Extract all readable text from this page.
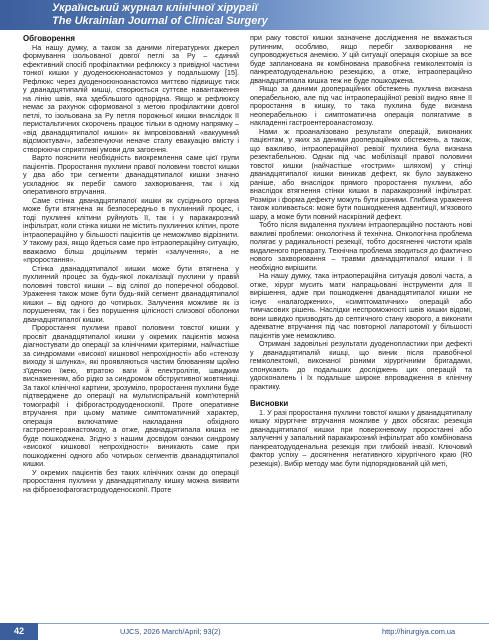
Український журнал клінічної хірургії
The Ukrainian Journal of Clinical Surgery
Обговорення

На нашу думку, а також за даними літературних джерел формування ізольованої довгої петлі за Ру – єдиний ефективний спосіб профілактики рефлюксу з привідної частини тонкої кишки у дуоденоєюноанастомоз у подальшому [15]. Рефлюкс через дуоденоєюноанастомоз миттєво підвищує тиск у дванадцятипалій кишці, створюється суттєве навантаження на лінію швів, яка здебільшого однорідна. Якщо ж рефлюксу немає за рахунок сформованої з метою профілактики довгої петлі, то ізольована за Ру петля порожньої кишки внаслідок її перистальтичних скорочень працює тільки в одному напрямку – «від дванадцятипалої кишки» як імпровізований «вакуумний відсмоктувач», забезпечуючи неначе сталу евакуацію вмісту і створюючи сприятливі умови для загоєння.

Варто пояснити необхідність виокремлення саме цієї групи пацієнтів. Проростання пухлини правої половини товстої кишки у два або три сегменти дванадцятипалої кишки значно ускладнює як перебіг самого захворювання, так і хід оперативного втручання.

Саме стінка дванадцятипалої кишки як сусіднього органа може бути втягнена як безпосередньо в пухлинний процес, і тоді пухлинні клітини руйнують її, так і у паракакрозний інфільтрат, коли стінка кишки не містить пухлинних клітин, проте інтраопераційно у більшості пацієнтів це неможливо відрізнити. У такому разі, якщо йдеться саме про інтраопераційну ситуацію, вважаємо більш доцільним термін «залучення», а не «проростання».

Стінка дванадцятипалої кишки може бути втягнена у пухлинний процес за будь-якої локалізації пухлини у правій половині товстої кишки – від сліпої до поперечної ободової. Ураження також може бути будь-якій сегмент дванадцятипалої кишки – від одного до чотирьох. Залучення можливе як із порушенням, так і без порушення цілісності слизової оболонки дванадцятипалої кишки.

Проростання пухлини правої половини товстої кишки у просвіт дванадцятипалої кишки у окремих пацієнтів можна діагностувати до операції за клінічними критеріями, найчастіше за синдромами «високої кишкової непрохідності» або «стенозу виходу зі шлунка», які проявляються частим блюванням щойно з'їденою їжею, втратою ваги й електролітів, швидким виснаженням, або рідко за синдромом обструктивної жовтяниці. За такої клінічної картини, зрозуміло, проростання пухлини буде підтверджене до операції на мультиспіральній комп'ютерній томографії і фіброгастродуоденоскопії. Проте оперативне втручання при цьому матиме симптоматичний характер, операція включатиме накладання обхідного гастроентероанастомозу, а отже, дванадцятипала кишка не буде пошкоджена. Згідно з нашим досвідом ознаки синдрому «високої кишкової непрохідності» виникають саме при пошкодженні одного або чотирьох сегментів дванадцятипалої кишки.

У окремих пацієнтів без таких клінічних ознак до операції проростання пухлини у дванадцятипалу кишку можна виявити на фіброезофагогастродуоденоскопії. Проте

при раку товстої кишки зазначене дослідження не вважається рутинним, особливо, якщо перебіг захворювання не супроводжується анемією. У цій ситуації операція скоріше за все буде запланована як комбінована правобічна геміколектомія із панкреатодуоденальною резекцією, а отже, інтраопераційно дванадцятипала кишка теж не буде пошкоджена.

Якщо за даними доопераційних обстежень пухлина визнана операбельною, але під час інтраопераційної ревізії видно явне її проростання в кишку, то така пухлина буде визнана неоперабельною і симптоматична операція полягатиме в накладенні гастроентероанастомозу.

Нами ж проаналізовано результати операцій, виконаних пацієнтам, у яких за даними доопераційних обстежень, а також, що важливо, інтраопераційної ревізії пухлина була визнана резектабельною. Однак під час мобілізації правої половини товстої кишки (найчастіше «гострим» шляхом) у стінці дванадцятипалої кишки виникав дефект, як було зауважено раніше, або внаслідок прямого проростання пухлини, або внаслідок втягнення стінки кишки в паракакрозний інфільтрат. Розміри і форма дефекту можуть бути різними. Глибина ураження також коливається: може бути пошкодження адвентиції, м'язового шару, а може бути повний наскрізний дефект.

Тобто після видалення пухлини інтраопераційно постають нові важливі проблеми: онкологічна й технічна. Онкологічна проблема полягає у радикальності резекції, тобто досягненні чистоти країв видаленого препарату. Технічна проблема зводиться до фактично нового захворювання – травми дванадцятипалої кишки і її необхідно вирішити.

На нашу думку, така інтраопераційна ситуація доволі часта, а отже, хірург мусить мати напрацьовані інструменти для її вирішення, адже при пошкодженні дванадцятипалої кишки не існує «налагоджених», «симптоматичних» операцій або тимчасових рішень. Наслідки неспроможності швів кишки відомі, вони швидко призводять до септичного стану хворого, а виконати адекватне втручання під час повторної лапаротомії у більшості пацієнтів уже неможливо.

Отримані задовільні результати дуоденопластики при дефекті у дванадцятипалій кишці, що виник після правобічної геміколектомії, виконаної різними хірургічними бригадами, спонукають до подальших досліджень цих операцій та удосконалень і їх подальше широке впровадження в клінічну практику.

Висновки

1. У разі проростання пухлини товстої кишки у дванадцятипалу кишку хірургічне втручання можливе у двох обсягах: резекція дванадцятипалої кишки при поверхневому проростанні або залученні у запальний паракакрозний інфільтрат або комбінована панкреатодуоденальна резекція при глибокій інвазії. Ключовий фактор успіху – досягнення негативного хірургічного краю (R0 резекція). Вибір методу має бути підпорядкований цій меті,

42	UJCS, 2026 March/April; 93(2)	http://hirurgiya.com.ua
